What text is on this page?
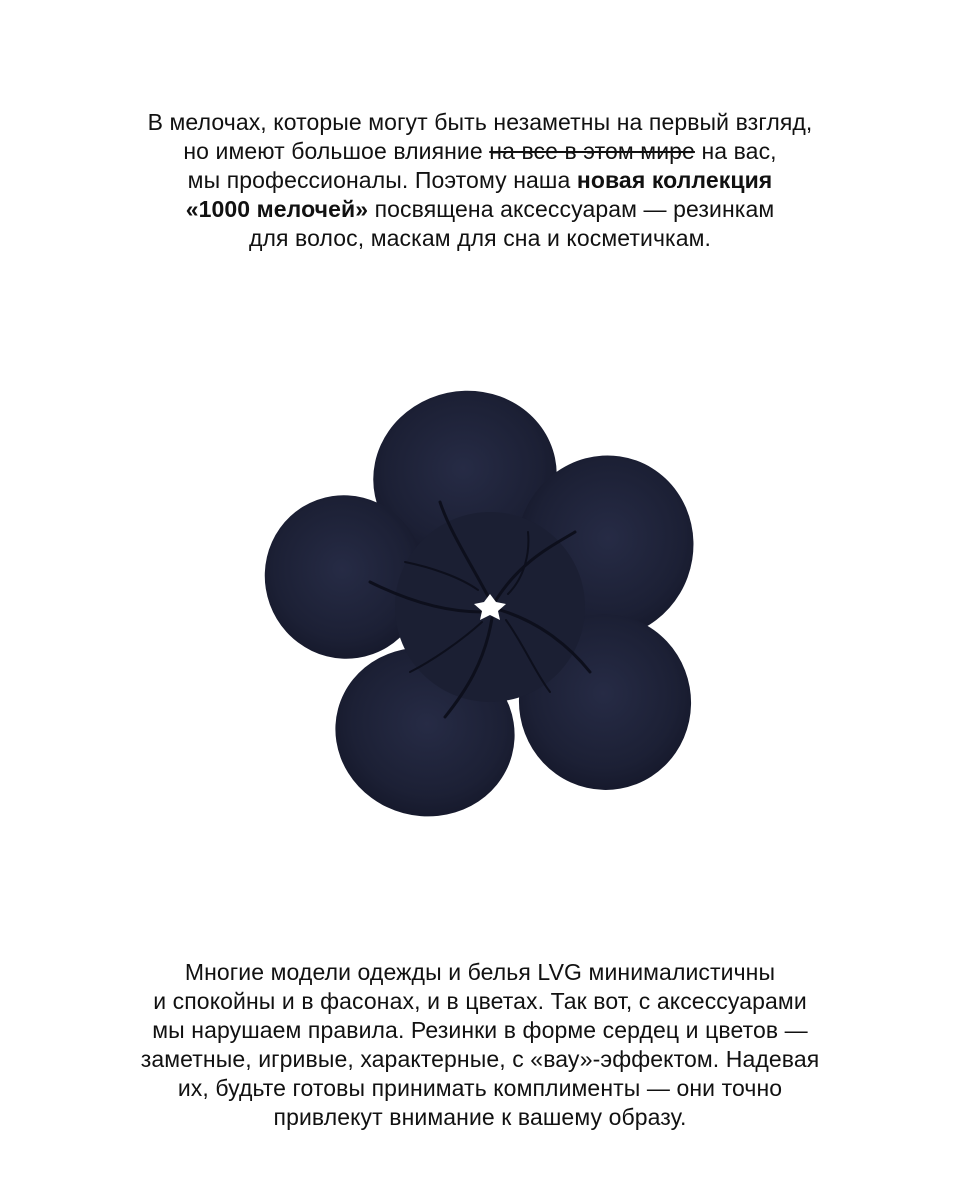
В мелочах, которые могут быть незаметны на первый взгляд,
но имеют большое влияние на все в этом мире на вас,
мы профессионалы. Поэтому наша новая коллекция
«1000 мелочей» посвящена аксессуарам — резинкам
для волос, маскам для сна и косметичкам.
Многие модели одежды и белья LVG минималистичны
и спокойны и в фасонах, и в цветах. Так вот, с аксессуарами
мы нарушаем правила. Резинки в форме сердец и цветов —
заметные, игривые, характерные, с «вау»-эффектом. Надевая
их, будьте готовы принимать комплименты — они точно
привлекут внимание к вашему образу.
